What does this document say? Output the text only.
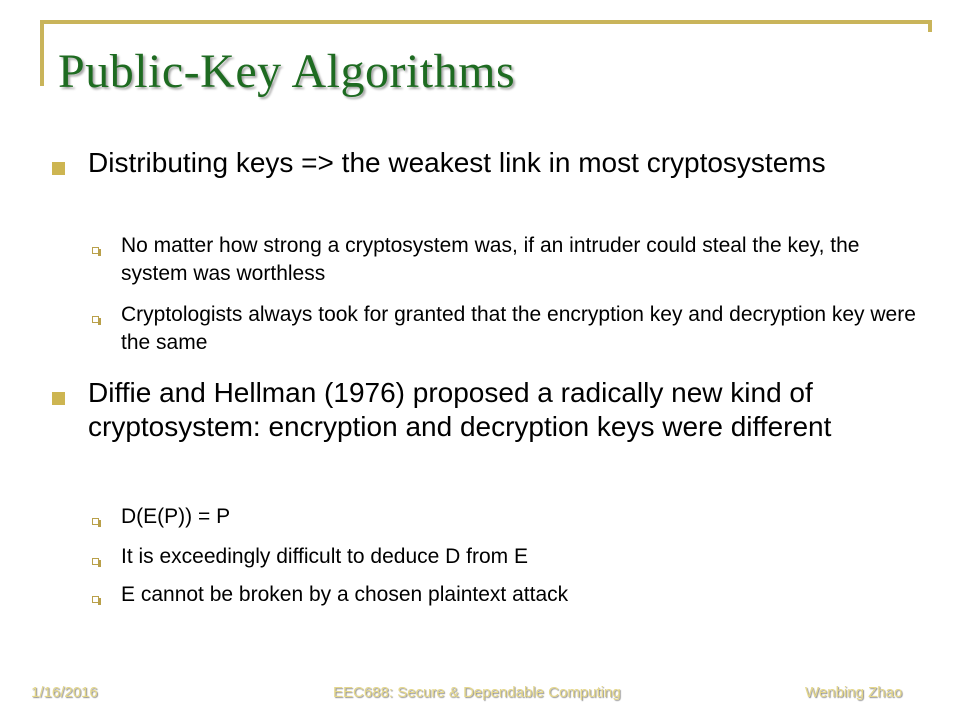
Public-Key Algorithms
Distributing keys => the weakest link in most cryptosystems
No matter how strong a cryptosystem was, if an intruder could steal the key, the system was worthless
Cryptologists always took for granted that the encryption key and decryption key were the same
Diffie and Hellman (1976) proposed a radically new kind of cryptosystem: encryption and decryption keys were different
D(E(P)) = P
It is exceedingly difficult to deduce D from E
E cannot be broken by a chosen plaintext attack
1/16/2016	EEC688: Secure & Dependable Computing	Wenbing Zhao
